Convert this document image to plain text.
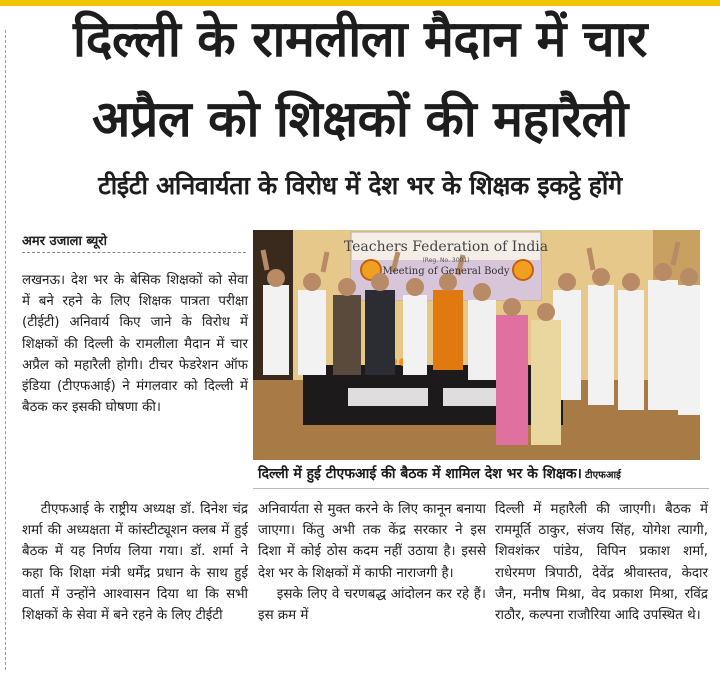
दिल्ली के रामलीला मैदान में चार
अप्रैल को शिक्षकों की महारैली
टीईटी अनिवार्यता के विरोध में देश भर के शिक्षक इकट्ठे होंगे
अमर उजाला ब्यूरो
लखनऊ। देश भर के बेसिक शिक्षकों को सेवा में बने रहने के लिए शिक्षक पात्रता परीक्षा (टीईटी) अनिवार्य किए जाने के विरोध में शिक्षकों की दिल्ली के रामलीला मैदान में चार अप्रैल को महारैली होगी। टीचर फेडरेशन ऑफ इंडिया (टीएफआई) ने मंगलवार को दिल्ली में बैठक कर इसकी घोषणा की।
Teachers Federation of India
(Reg. No. 3001)
Meeting of General Body
दिल्ली में हुई टीएफआई की बैठक में शामिल देश भर के शिक्षक। टीएफआई
टीएफआई के राष्ट्रीय अध्यक्ष डॉ. दिनेश चंद्र शर्मा की अध्यक्षता में कांस्टीट्यूशन क्लब में हुई बैठक में यह निर्णय लिया गया। डॉ. शर्मा ने कहा कि शिक्षा मंत्री धर्मेंद्र प्रधान के साथ हुई वार्ता में उन्होंने आश्वासन दिया था कि सभी शिक्षकों के सेवा में बने रहने के लिए टीईटी
अनिवार्यता से मुक्त करने के लिए कानून बनाया जाएगा। किंतु अभी तक केंद्र सरकार ने इस दिशा में कोई ठोस कदम नहीं उठाया है। इससे देश भर के शिक्षकों में काफी नाराजगी है।
इसके लिए वे चरणबद्ध आंदोलन कर रहे हैं। इस क्रम में
दिल्ली में महारैली की जाएगी। बैठक में राममूर्ति ठाकुर, संजय सिंह, योगेश त्यागी, शिवशंकर पांडेय, विपिन प्रकाश शर्मा, राधेरमण त्रिपाठी, देवेंद्र श्रीवास्तव, केदार जैन, मनीष मिश्रा, वेद प्रकाश मिश्रा, रविंद्र राठौर, कल्पना राजौरिया आदि उपस्थित थे।
